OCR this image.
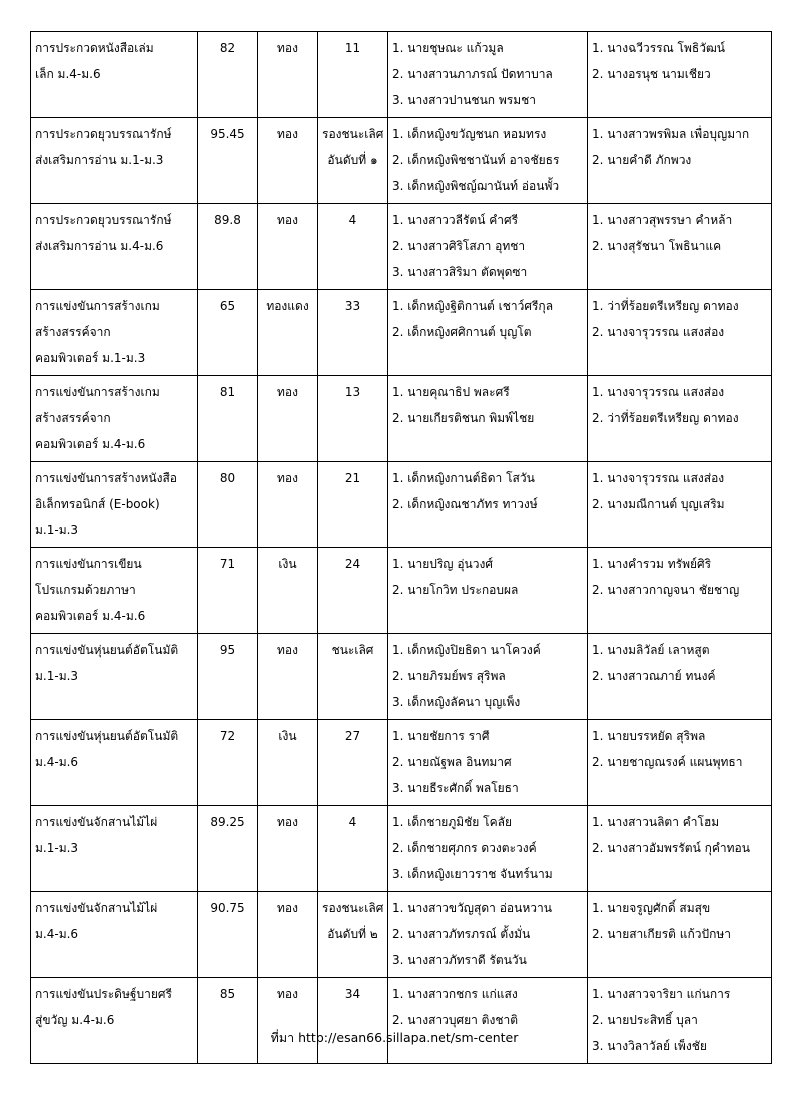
การประกวดหนังสือเล่ม
เล็ก ม.4-ม.6	82	ทอง	11	1. นายชุษณะ แก้วมูล
2. นางสาวนภาภรณ์ ปัดทาบาล
3. นางสาวปานชนก พรมชา	1. นางฉวีวรรณ โพธิวัฒน์
2. นางอรนุช นามเชียว

การประกวดยุวบรรณารักษ์
ส่งเสริมการอ่าน ม.1-ม.3	95.45	ทอง	รองชนะเลิศ
อันดับที่ ๑	1. เด็กหญิงขวัญชนก หอมทรง
2. เด็กหญิงพิชชานันท์ อาจชัยธร
3. เด็กหญิงพิชญ์ฌานันท์ อ่อนพั้ว	1. นางสาวพรพิมล เพื่อบุญมาก
2. นายคำดี ภักพวง

การประกวดยุวบรรณารักษ์
ส่งเสริมการอ่าน ม.4-ม.6	89.8	ทอง	4	1. นางสาววลีรัตน์ คำศรี
2. นางสาวศิริโสภา อุทชา
3. นางสาวสิริมา ตัดพุดซา	1. นางสาวสุพรรษา คำหล้า
2. นางสุรัชนา โพธินาแค

การแข่งขันการสร้างเกม
สร้างสรรค์จาก
คอมพิวเตอร์ ม.1-ม.3	65	ทองแดง	33	1. เด็กหญิงฐิติกานต์ เชาว์ศรีกุล
2. เด็กหญิงศศิกานต์ บุญโต	1. ว่าที่ร้อยตรีเหรียญ ดาทอง
2. นางจารุวรรณ แสงส่อง

การแข่งขันการสร้างเกม
สร้างสรรค์จาก
คอมพิวเตอร์ ม.4-ม.6	81	ทอง	13	1. นายคุณาธิป พละศรี
2. นายเกียรติชนก พิมพ์ไชย	1. นางจารุวรรณ แสงส่อง
2. ว่าที่ร้อยตรีเหรียญ ดาทอง

การแข่งขันการสร้างหนังสือ
อิเล็กทรอนิกส์ (E-book)
ม.1-ม.3	80	ทอง	21	1. เด็กหญิงกานต์ธิดา โสวัน
2. เด็กหญิงณชาภัทร ทาวงษ์	1. นางจารุวรรณ แสงส่อง
2. นางมณีกานต์ บุญเสริม

การแข่งขันการเขียน
โปรแกรมด้วยภาษา
คอมพิวเตอร์ ม.4-ม.6	71	เงิน	24	1. นายปริญ อุ่นวงศ์
2. นายโกวิท ประกอบผล	1. นางคำรวม ทรัพย์ศิริ
2. นางสาวกาญจนา ชัยชาญ

การแข่งขันหุ่นยนต์อัตโนมัติ
ม.1-ม.3	95	ทอง	ชนะเลิศ	1. เด็กหญิงปิยธิดา นาโควงค์
2. นายภิรมย์พร สุริพล
3. เด็กหญิงลัคนา บุญเพ็ง	1. นางมลิวัลย์ เลาหสูต
2. นางสาวณภาย์ ทนงค์

การแข่งขันหุ่นยนต์อัตโนมัติ
ม.4-ม.6	72	เงิน	27	1. นายชัยการ ราศี
2. นายณัฐพล อินทมาศ
3. นายธีระศักดิ์ พลโยธา	1. นายบรรหยัด สุริพล
2. นายชาญณรงค์ แผนพุทธา

การแข่งขันจักสานไม้ไผ่
ม.1-ม.3	89.25	ทอง	4	1. เด็กชายภูมิชัย โคลัย
2. เด็กชายศุภกร ดวงตะวงค์
3. เด็กหญิงเยาวราช จันทร์นาม	1. นางสาวนลิตา คำโฮม
2. นางสาวอัมพรรัตน์ กุคำทอน

การแข่งขันจักสานไม้ไผ่
ม.4-ม.6	90.75	ทอง	รองชนะเลิศ
อันดับที่ ๒	1. นางสาวขวัญสุดา อ่อนหวาน
2. นางสาวภัทรภรณ์ ตั้งมั่น
3. นางสาวภัทราดี รัตนวัน	1. นายจรูญศักดิ์ สมสุข
2. นายสาเกียรติ แก้วปักษา

การแข่งขันประดิษฐ์บายศรี
สู่ขวัญ ม.4-ม.6	85	ทอง	34	1. นางสาวกชกร แก่แสง
2. นางสาวบุศยา ติงชาติ	1. นางสาวจาริยา แก่นการ
2. นายประสิทธิ์ บุลา
3. นางวิลาวัลย์ เพ็งชัย
ที่มา http://esan66.sillapa.net/sm-center
